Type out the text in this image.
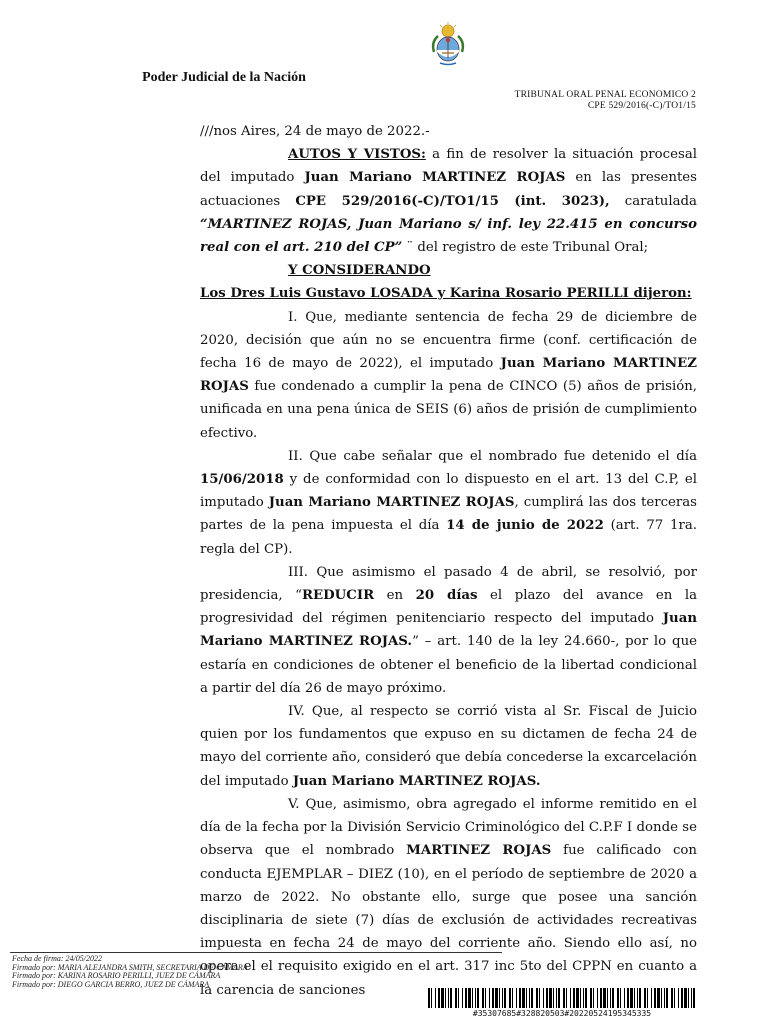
Poder Judicial de la Nación
TRIBUNAL ORAL PENAL ECONOMICO 2
CPE 529/2016(-C)/TO1/15

///nos Aires, 24 de mayo de 2022.-

AUTOS Y VISTOS: a fin de resolver la situación procesal del imputado Juan Mariano MARTINEZ ROJAS en las presentes actuaciones CPE 529/2016(-C)/TO1/15 (int. 3023), caratulada “MARTINEZ ROJAS, Juan Mariano s/ inf. ley 22.415 en concurso real con el art. 210 del CP” ¨ del registro de este Tribunal Oral;

Y CONSIDERANDO

Los Dres Luis Gustavo LOSADA y Karina Rosario PERILLI dijeron:

I. Que, mediante sentencia de fecha 29 de diciembre de 2020, decisión que aún no se encuentra firme (conf. certificación de fecha 16 de mayo de 2022), el imputado Juan Mariano MARTINEZ ROJAS fue condenado a cumplir la pena de CINCO (5) años de prisión, unificada en una pena única de SEIS (6) años de prisión de cumplimiento efectivo.

II. Que cabe señalar que el nombrado fue detenido el día 15/06/2018 y de conformidad con lo dispuesto en el art. 13 del C.P, el imputado Juan Mariano MARTINEZ ROJAS, cumplirá las dos terceras partes de la pena impuesta el día 14 de junio de 2022 (art. 77 1ra. regla del CP).

III. Que asimismo el pasado 4 de abril, se resolvió, por presidencia, “REDUCIR en 20 días el plazo del avance en la progresividad del régimen penitenciario respecto del imputado Juan Mariano MARTINEZ ROJAS.” – art. 140 de la ley 24.660-, por lo que estaría en condiciones de obtener el beneficio de la libertad condicional a partir del día 26 de mayo próximo.

IV. Que, al respecto se corrió vista al Sr. Fiscal de Juicio quien por los fundamentos que expuso en su dictamen de fecha 24 de mayo del corriente año, consideró que debía concederse la excarcelación del imputado Juan Mariano MARTINEZ ROJAS.

V. Que, asimismo, obra agregado el informe remitido en el día de la fecha por la División Servicio Criminológico del C.P.F I donde se observa que el nombrado MARTINEZ ROJAS fue calificado con conducta EJEMPLAR – DIEZ (10), en el período de septiembre de 2020 a marzo de 2022. No obstante ello, surge que posee una sanción disciplinaria de siete (7) días de exclusión de actividades recreativas impuesta en fecha 24 de mayo del corriente año. Siendo ello así, no opera el el requisito exigido en el art. 317 inc 5to del CPPN en cuanto a la carencia de sanciones

Fecha de firma: 24/05/2022
Firmado por: MARIA ALEJANDRA SMITH, SECRETARIA DE CÁMARA
Firmado por: KARINA ROSARIO PERILLI, JUEZ DE CÁMARA
Firmado por: DIEGO GARCIA BERRO, JUEZ DE CÁMARA
#35307685#328820503#20220524195345335
